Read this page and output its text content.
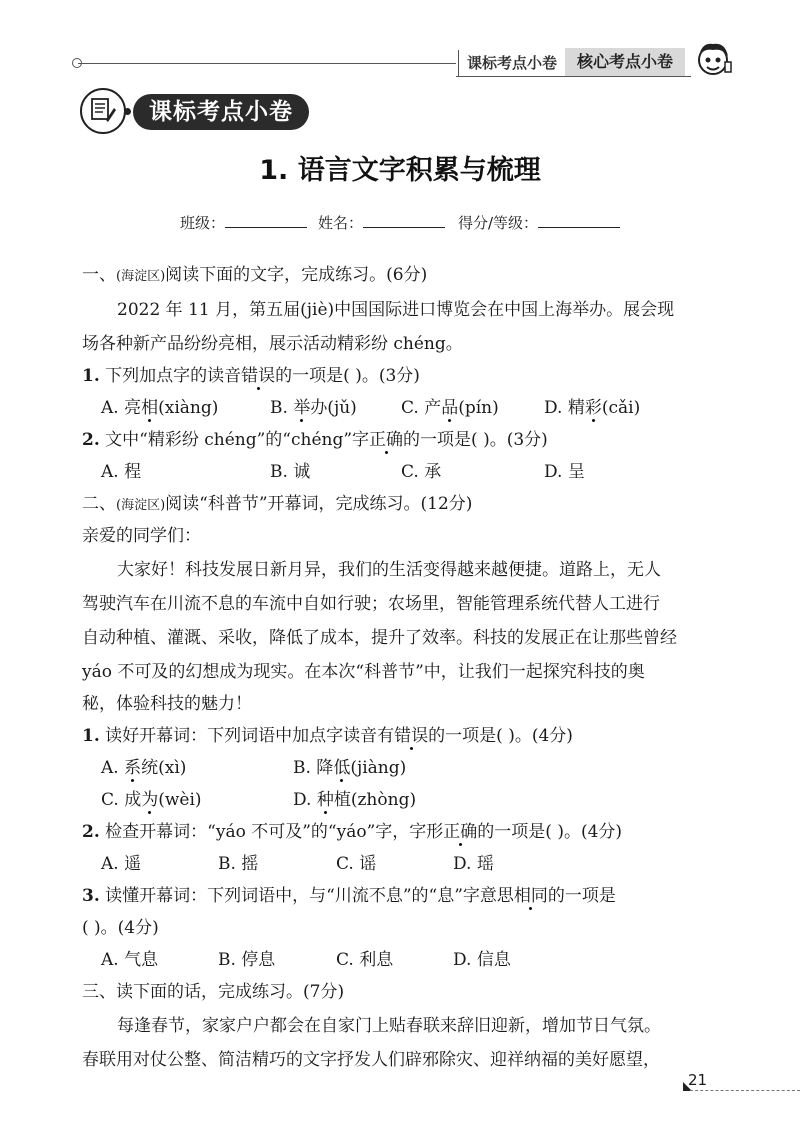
课标考点小卷	核心考点小卷
课标考点小卷
1. 语言文字积累与梳理
班级：	姓名：	得分/等级：
一、(海淀区)阅读下面的文字，完成练习。(6分)
2022 年 11 月，第五届(jiè)中国国际进口博览会在中国上海举办。展会现
场各种新产品纷纷亮相，展示活动精彩纷 chéng。
1. 下列加点字的读音错误的一项是( )。(3分)
A. 亮相(xiàng)	B. 举办(jǔ)	C. 产品(pín)	D. 精彩(cǎi)
2. 文中“精彩纷 chéng”的“chéng”字正确的一项是( )。(3分)
A. 程	B. 诚	C. 承	D. 呈
二、(海淀区)阅读“科普节”开幕词，完成练习。(12分)
亲爱的同学们：
大家好！科技发展日新月异，我们的生活变得越来越便捷。道路上，无人
驾驶汽车在川流不息的车流中自如行驶；农场里，智能管理系统代替人工进行
自动种植、灌溉、采收，降低了成本，提升了效率。科技的发展正在让那些曾经
yáo 不可及的幻想成为现实。在本次“科普节”中，让我们一起探究科技的奥
秘，体验科技的魅力！
1. 读好开幕词：下列词语中加点字读音有错误的一项是( )。(4分)
A. 系统(xì)	B. 降低(jiàng)
C. 成为(wèi)	D. 种植(zhòng)
2. 检查开幕词：“yáo 不可及”的“yáo”字，字形正确的一项是( )。(4分)
A. 遥	B. 摇	C. 谣	D. 瑶
3. 读懂开幕词：下列词语中，与“川流不息”的“息”字意思相同的一项是
( )。(4分)
A. 气息	B. 停息	C. 利息	D. 信息
三、读下面的话，完成练习。(7分)
每逢春节，家家户户都会在自家门上贴春联来辞旧迎新，增加节日气氛。
春联用对仗公整、简洁精巧的文字抒发人们辟邪除灾、迎祥纳福的美好愿望，
21
